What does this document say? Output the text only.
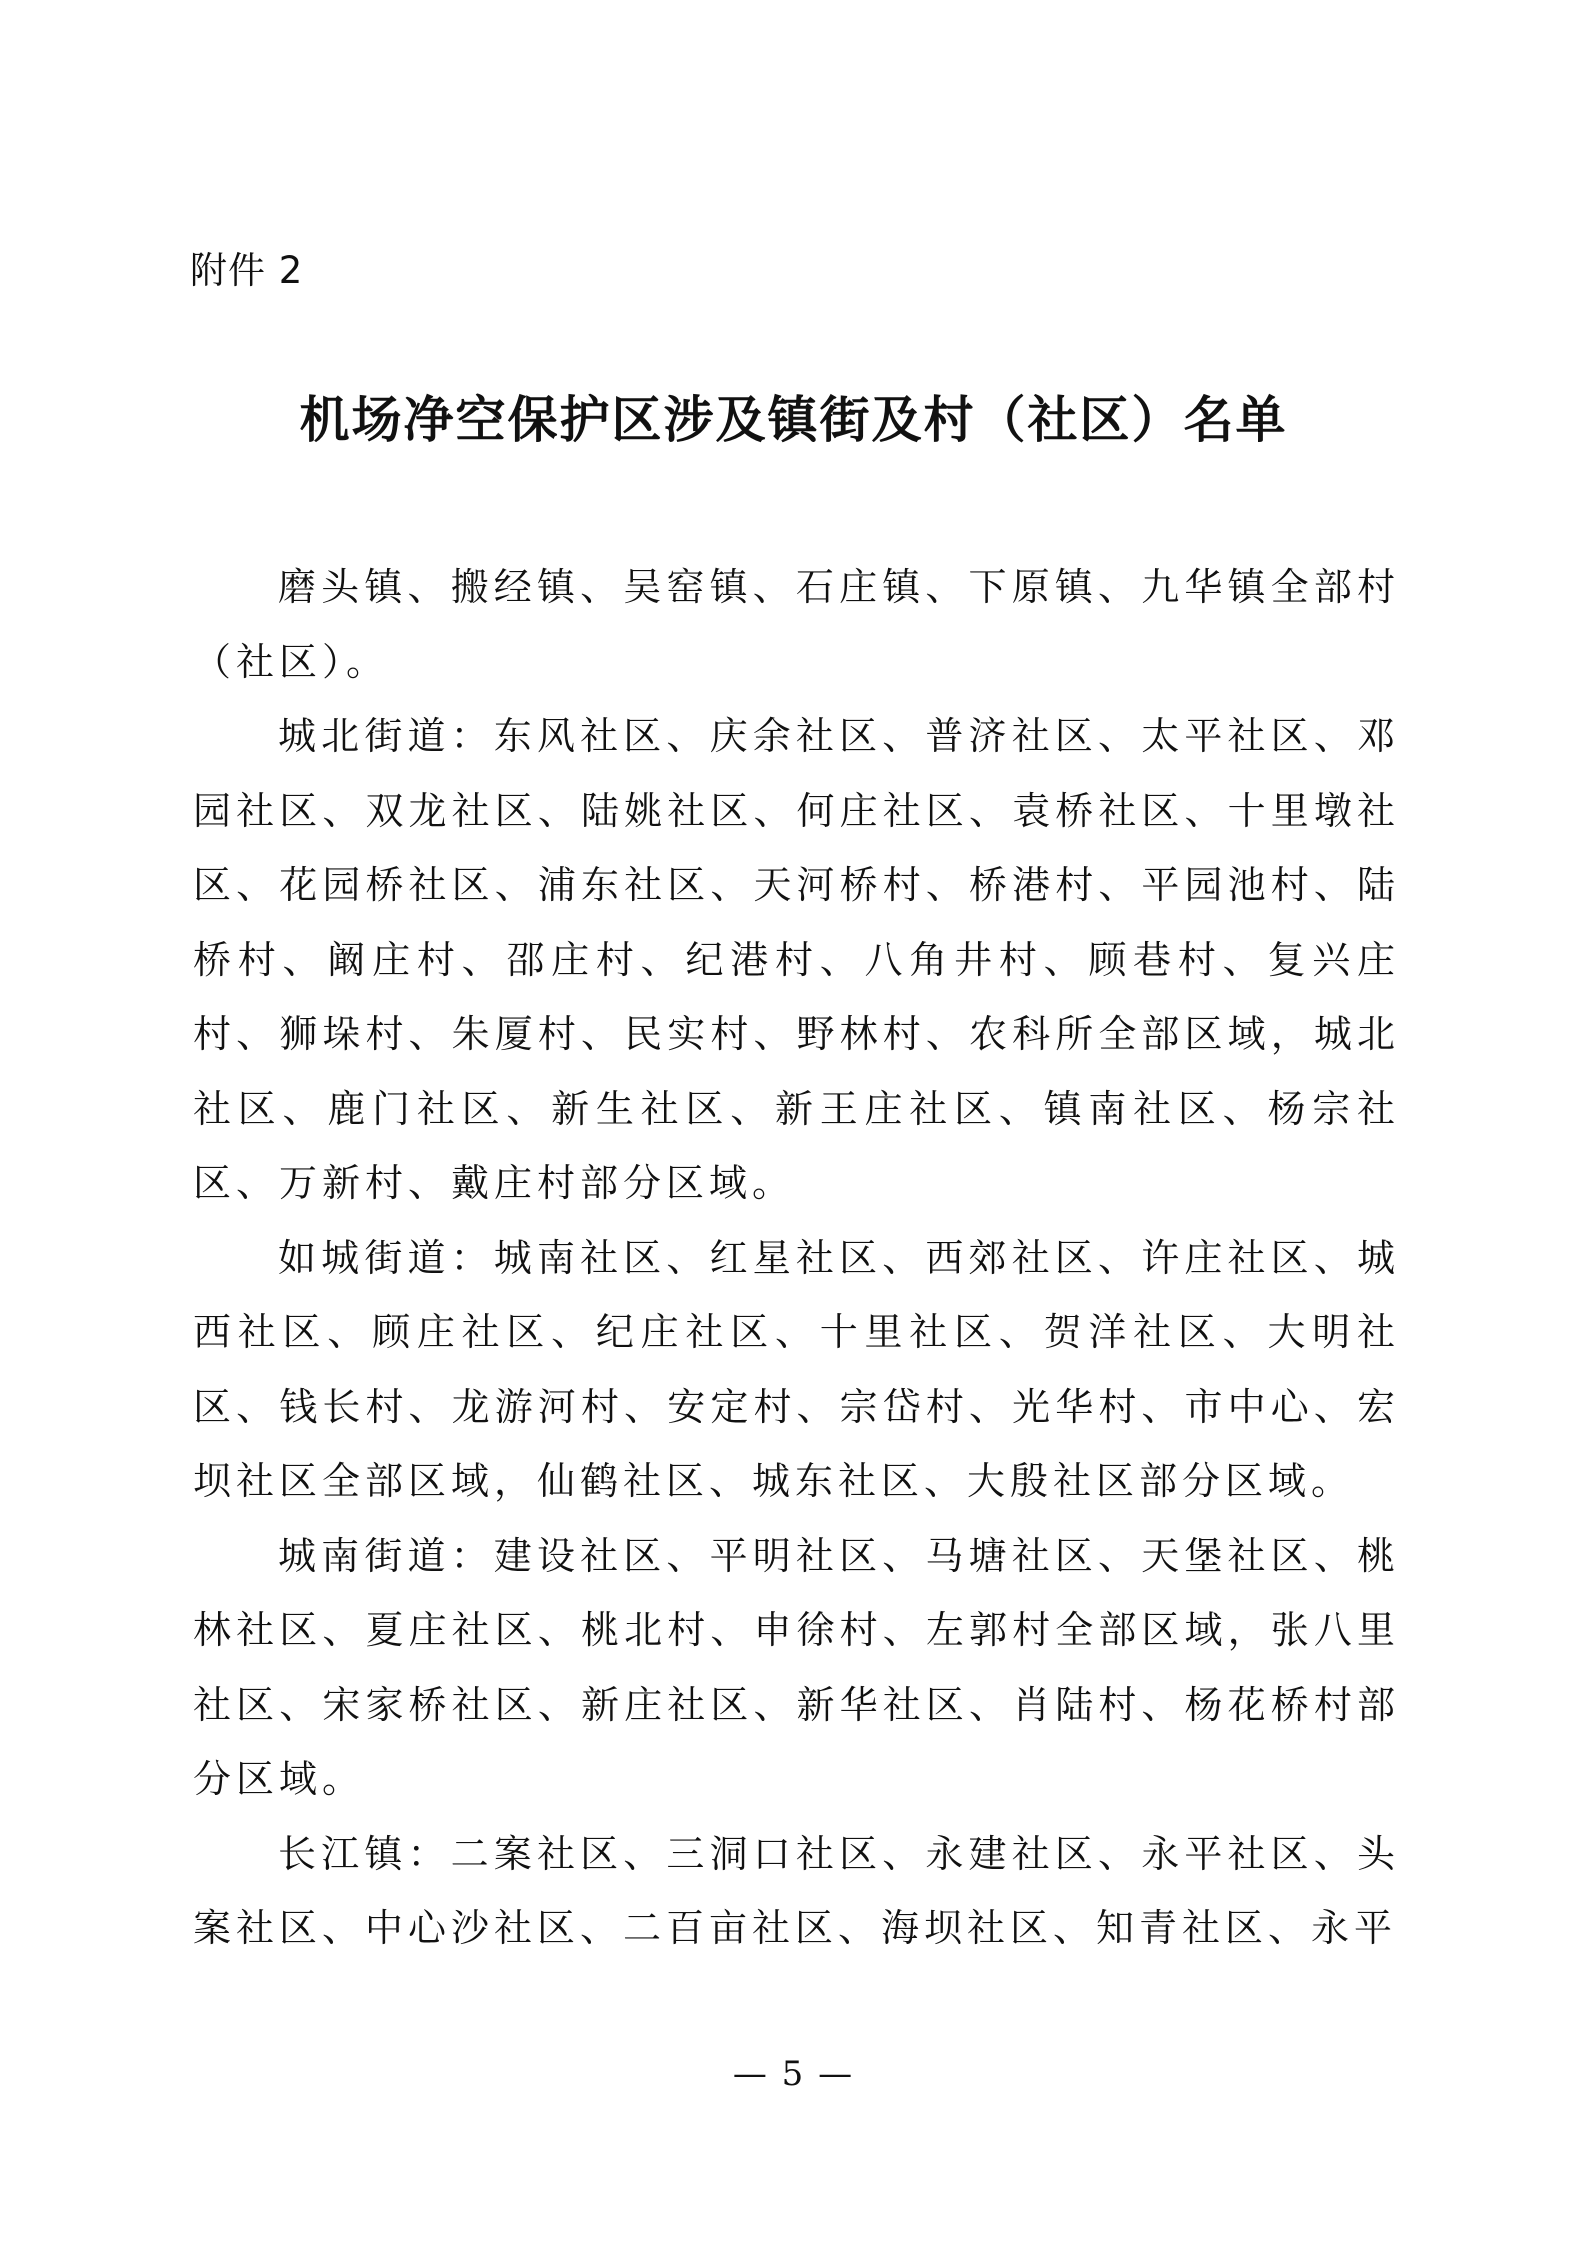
附件 2
机场净空保护区涉及镇街及村（社区）名单

磨头镇、搬经镇、吴窑镇、石庄镇、下原镇、九华镇全部村（社区）。

城北街道：东风社区、庆余社区、普济社区、太平社区、邓园社区、双龙社区、陆姚社区、何庄社区、袁桥社区、十里墩社区、花园桥社区、浦东社区、天河桥村、桥港村、平园池村、陆桥村、阚庄村、邵庄村、纪港村、八角井村、顾巷村、复兴庄村、狮垛村、朱厦村、民实村、野林村、农科所全部区域，城北社区、鹿门社区、新生社区、新王庄社区、镇南社区、杨宗社区、万新村、戴庄村部分区域。

如城街道：城南社区、红星社区、西郊社区、许庄社区、城西社区、顾庄社区、纪庄社区、十里社区、贺洋社区、大明社区、钱长村、龙游河村、安定村、宗岱村、光华村、市中心、宏坝社区全部区域，仙鹤社区、城东社区、大殷社区部分区域。

城南街道：建设社区、平明社区、马塘社区、天堡社区、桃林社区、夏庄社区、桃北村、申徐村、左郭村全部区域，张八里社区、宋家桥社区、新庄社区、新华社区、肖陆村、杨花桥村部分区域。

长江镇：二案社区、三洞口社区、永建社区、永平社区、头案社区、中心沙社区、二百亩社区、海坝社区、知青社区、永平

— 5 —
